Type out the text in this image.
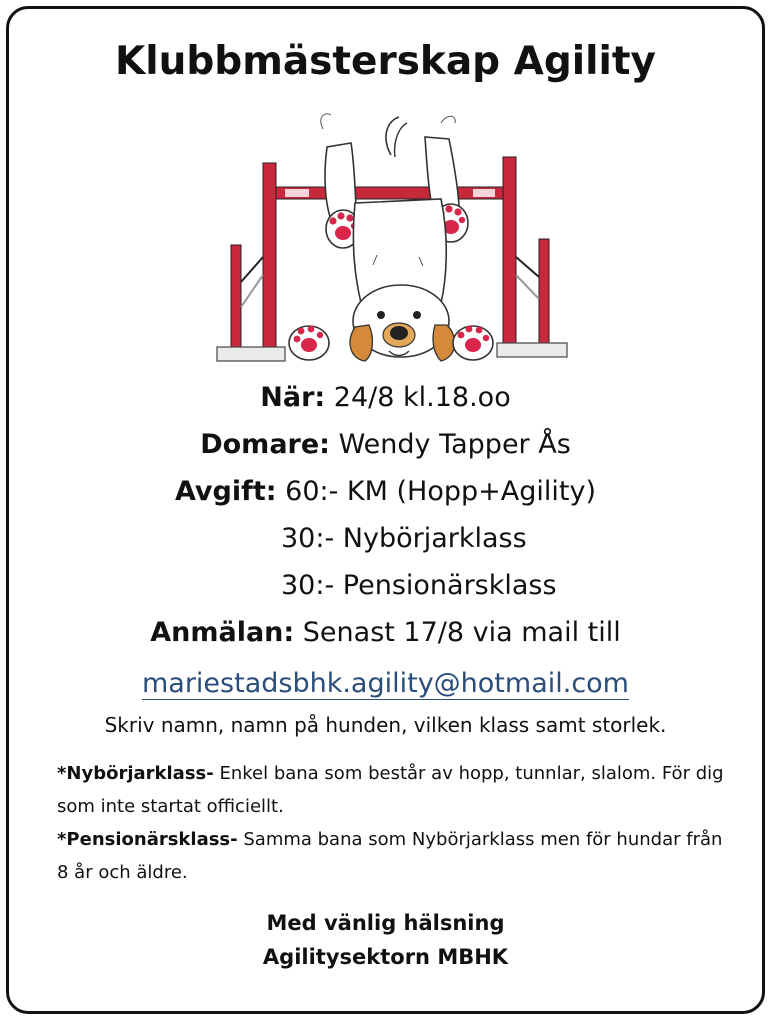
Klubbmästerskap Agility
När: 24/8 kl.18.oo
Domare: Wendy Tapper Ås
Avgift: 60:- KM (Hopp+Agility)
30:- Nybörjarklass
30:- Pensionärsklass
Anmälan: Senast 17/8 via mail till
mariestadsbhk.agility@hotmail.com
Skriv namn, namn på hunden, vilken klass samt storlek.
*Nybörjarklass- Enkel bana som består av hopp, tunnlar, slalom. För dig som inte startat officiellt.
*Pensionärsklass- Samma bana som Nybörjarklass men för hundar från 8 år och äldre.
Med vänlig hälsning
Agilitysektorn MBHK
